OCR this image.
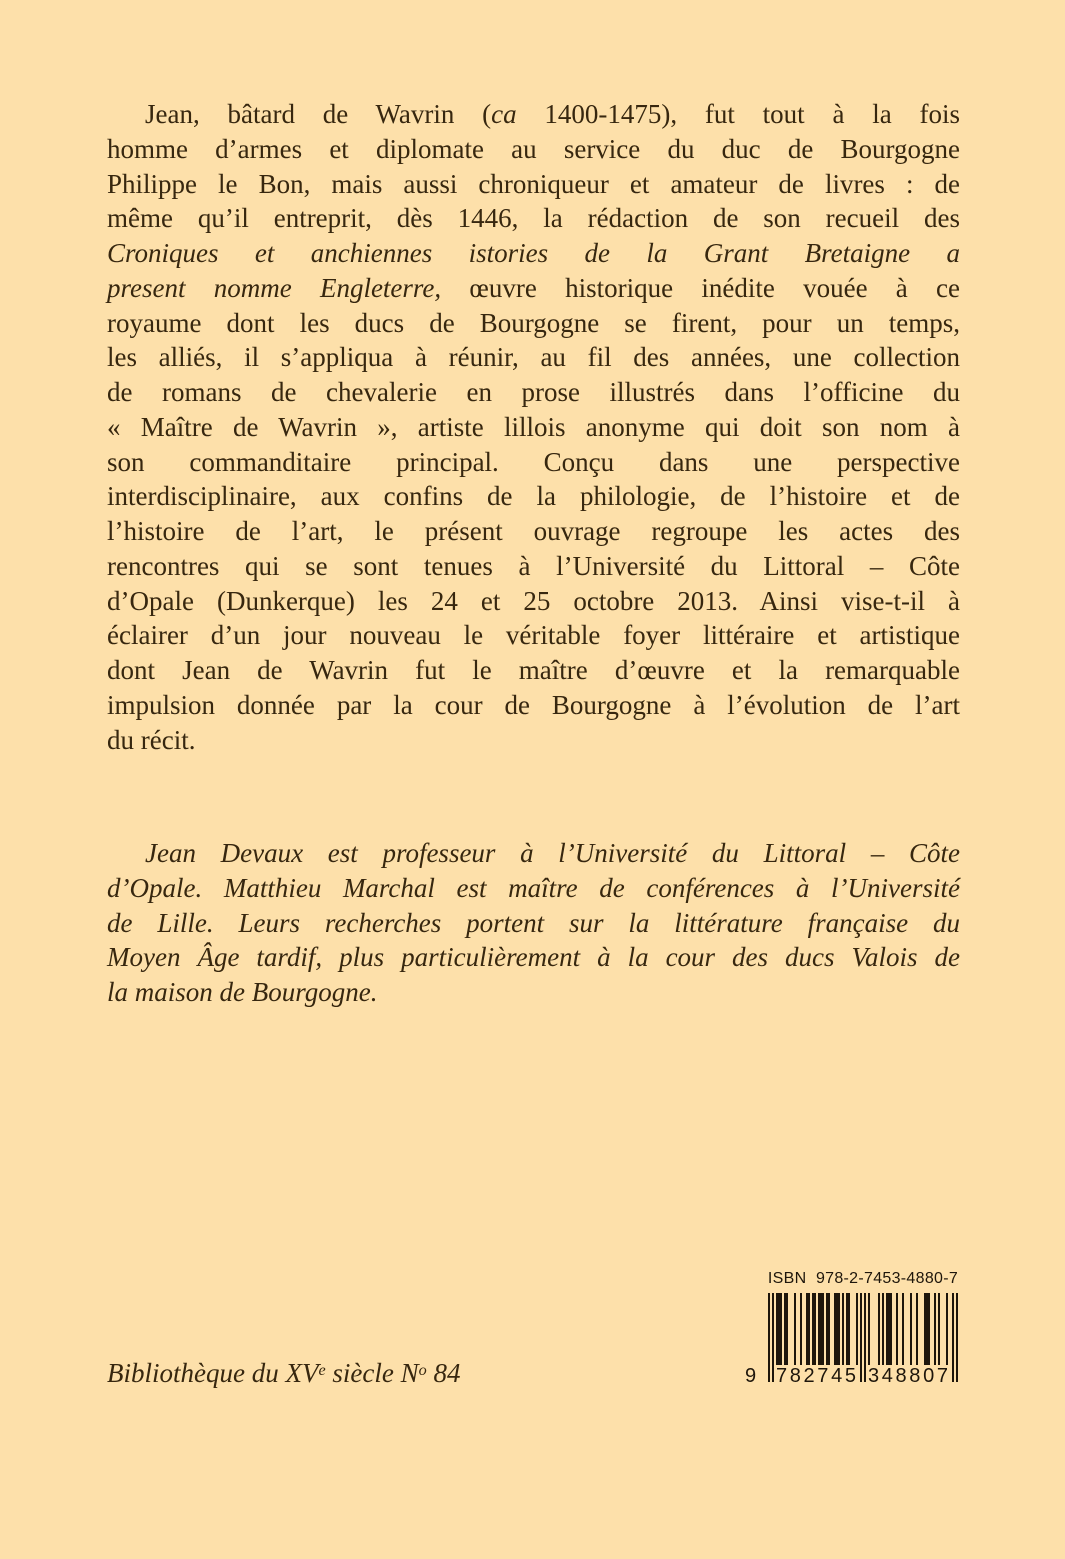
Jean, bâtard de Wavrin (ca 1400-1475), fut tout à la fois
homme d’armes et diplomate au service du duc de Bourgogne
Philippe le Bon, mais aussi chroniqueur et amateur de livres : de
même qu’il entreprit, dès 1446, la rédaction de son recueil des
Croniques et anchiennes istories de la Grant Bretaigne a
present nomme Engleterre, œuvre historique inédite vouée à ce
royaume dont les ducs de Bourgogne se firent, pour un temps,
les alliés, il s’appliqua à réunir, au fil des années, une collection
de romans de chevalerie en prose illustrés dans l’officine du
« Maître de Wavrin », artiste lillois anonyme qui doit son nom à
son commanditaire principal. Conçu dans une perspective
interdisciplinaire, aux confins de la philologie, de l’histoire et de
l’histoire de l’art, le présent ouvrage regroupe les actes des
rencontres qui se sont tenues à l’Université du Littoral – Côte
d’Opale (Dunkerque) les 24 et 25 octobre 2013. Ainsi vise-t-il à
éclairer d’un jour nouveau le véritable foyer littéraire et artistique
dont Jean de Wavrin fut le maître d’œuvre et la remarquable
impulsion donnée par la cour de Bourgogne à l’évolution de l’art
du récit.
Jean Devaux est professeur à l’Université du Littoral – Côte
d’Opale. Matthieu Marchal est maître de conférences à l’Université
de Lille. Leurs recherches portent sur la littérature française du
Moyen Âge tardif, plus particulièrement à la cour des ducs Valois de
la maison de Bourgogne.
Bibliothèque du XVe siècle $N^o$ 84
ISBN  978-2-7453-4880-7
9 7 8 2 7 4 5 3 4 8 8 0 7
